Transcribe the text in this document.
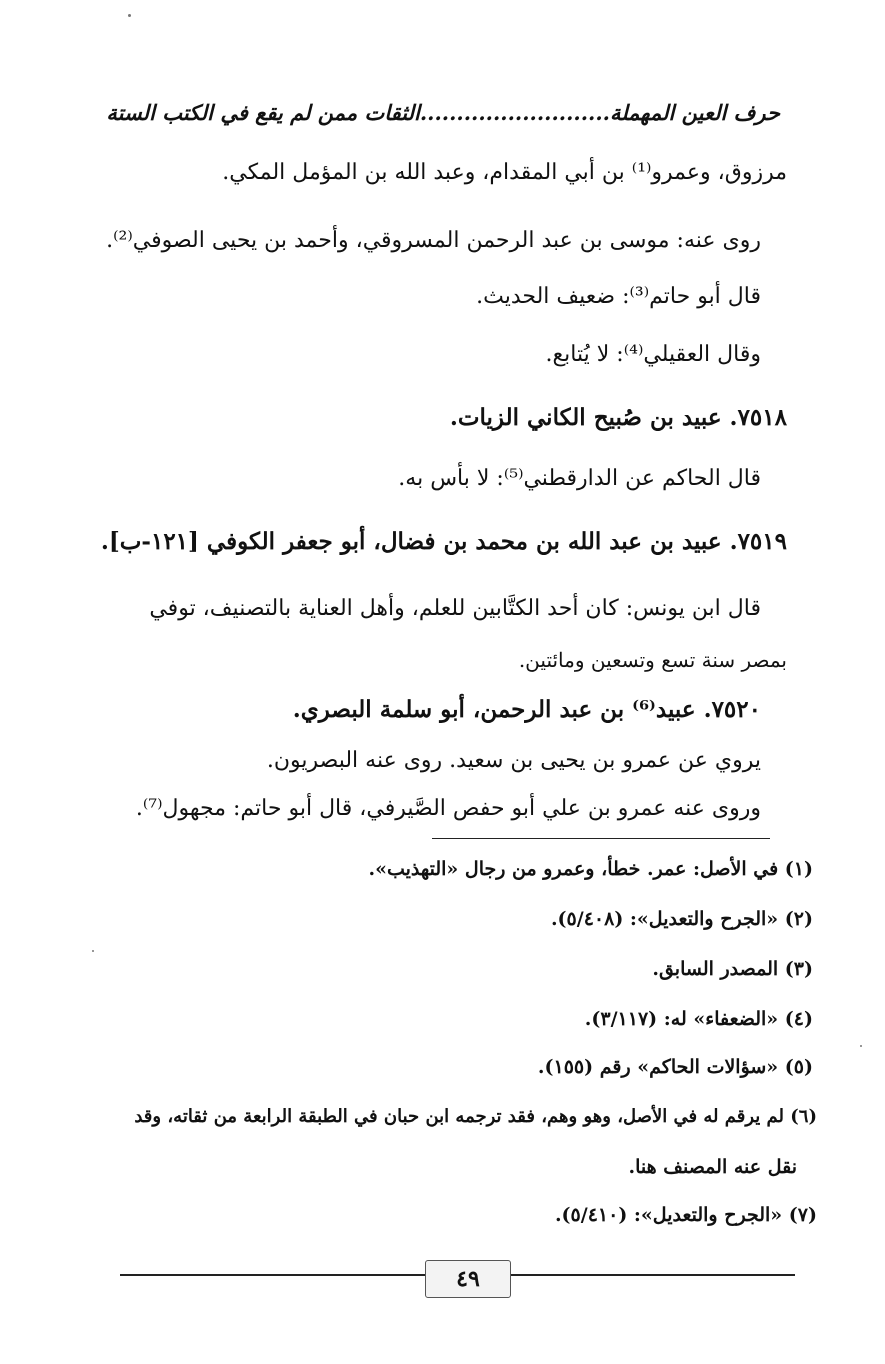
حرف العين المهملة..........................الثقات ممن لم يقع في الكتب الستة
مرزوق، وعمرو⁽¹⁾ بن أبي المقدام، وعبد الله بن المؤمل المكي.
روى عنه: موسى بن عبد الرحمن المسروقي، وأحمد بن يحيى الصوفي⁽²⁾.
قال أبو حاتم⁽³⁾: ضعيف الحديث.
وقال العقيلي⁽⁴⁾: لا يُتابع.
٧٥١٨. عبيد بن صُبيح الكاني الزيات.
قال الحاكم عن الدارقطني⁽⁵⁾: لا بأس به.
٧٥١٩. عبيد بن عبد الله بن محمد بن فضال، أبو جعفر الكوفي [١٢١-ب].
قال ابن يونس: كان أحد الكتَّابين للعلم، وأهل العناية بالتصنيف، توفي
بمصر سنة تسع وتسعين ومائتين.
٧٥٢٠. عبيد⁽⁶⁾ بن عبد الرحمن، أبو سلمة البصري.
يروي عن عمرو بن يحيى بن سعيد. روى عنه البصريون.
وروى عنه عمرو بن علي أبو حفص الصَّيرفي، قال أبو حاتم: مجهول⁽⁷⁾.
(١) في الأصل: عمر. خطأ، وعمرو من رجال «التهذيب».
(٢) «الجرح والتعديل»: (٥/٤٠٨).
(٣) المصدر السابق.
(٤) «الضعفاء» له: (٣/١١٧).
(٥) «سؤالات الحاكم» رقم (١٥٥).
(٦) لم يرقم له في الأصل، وهو وهم، فقد ترجمه ابن حبان في الطبقة الرابعة من ثقاته، وقد
نقل عنه المصنف هنا.
(٧) «الجرح والتعديل»: (٥/٤١٠).
٤٩
